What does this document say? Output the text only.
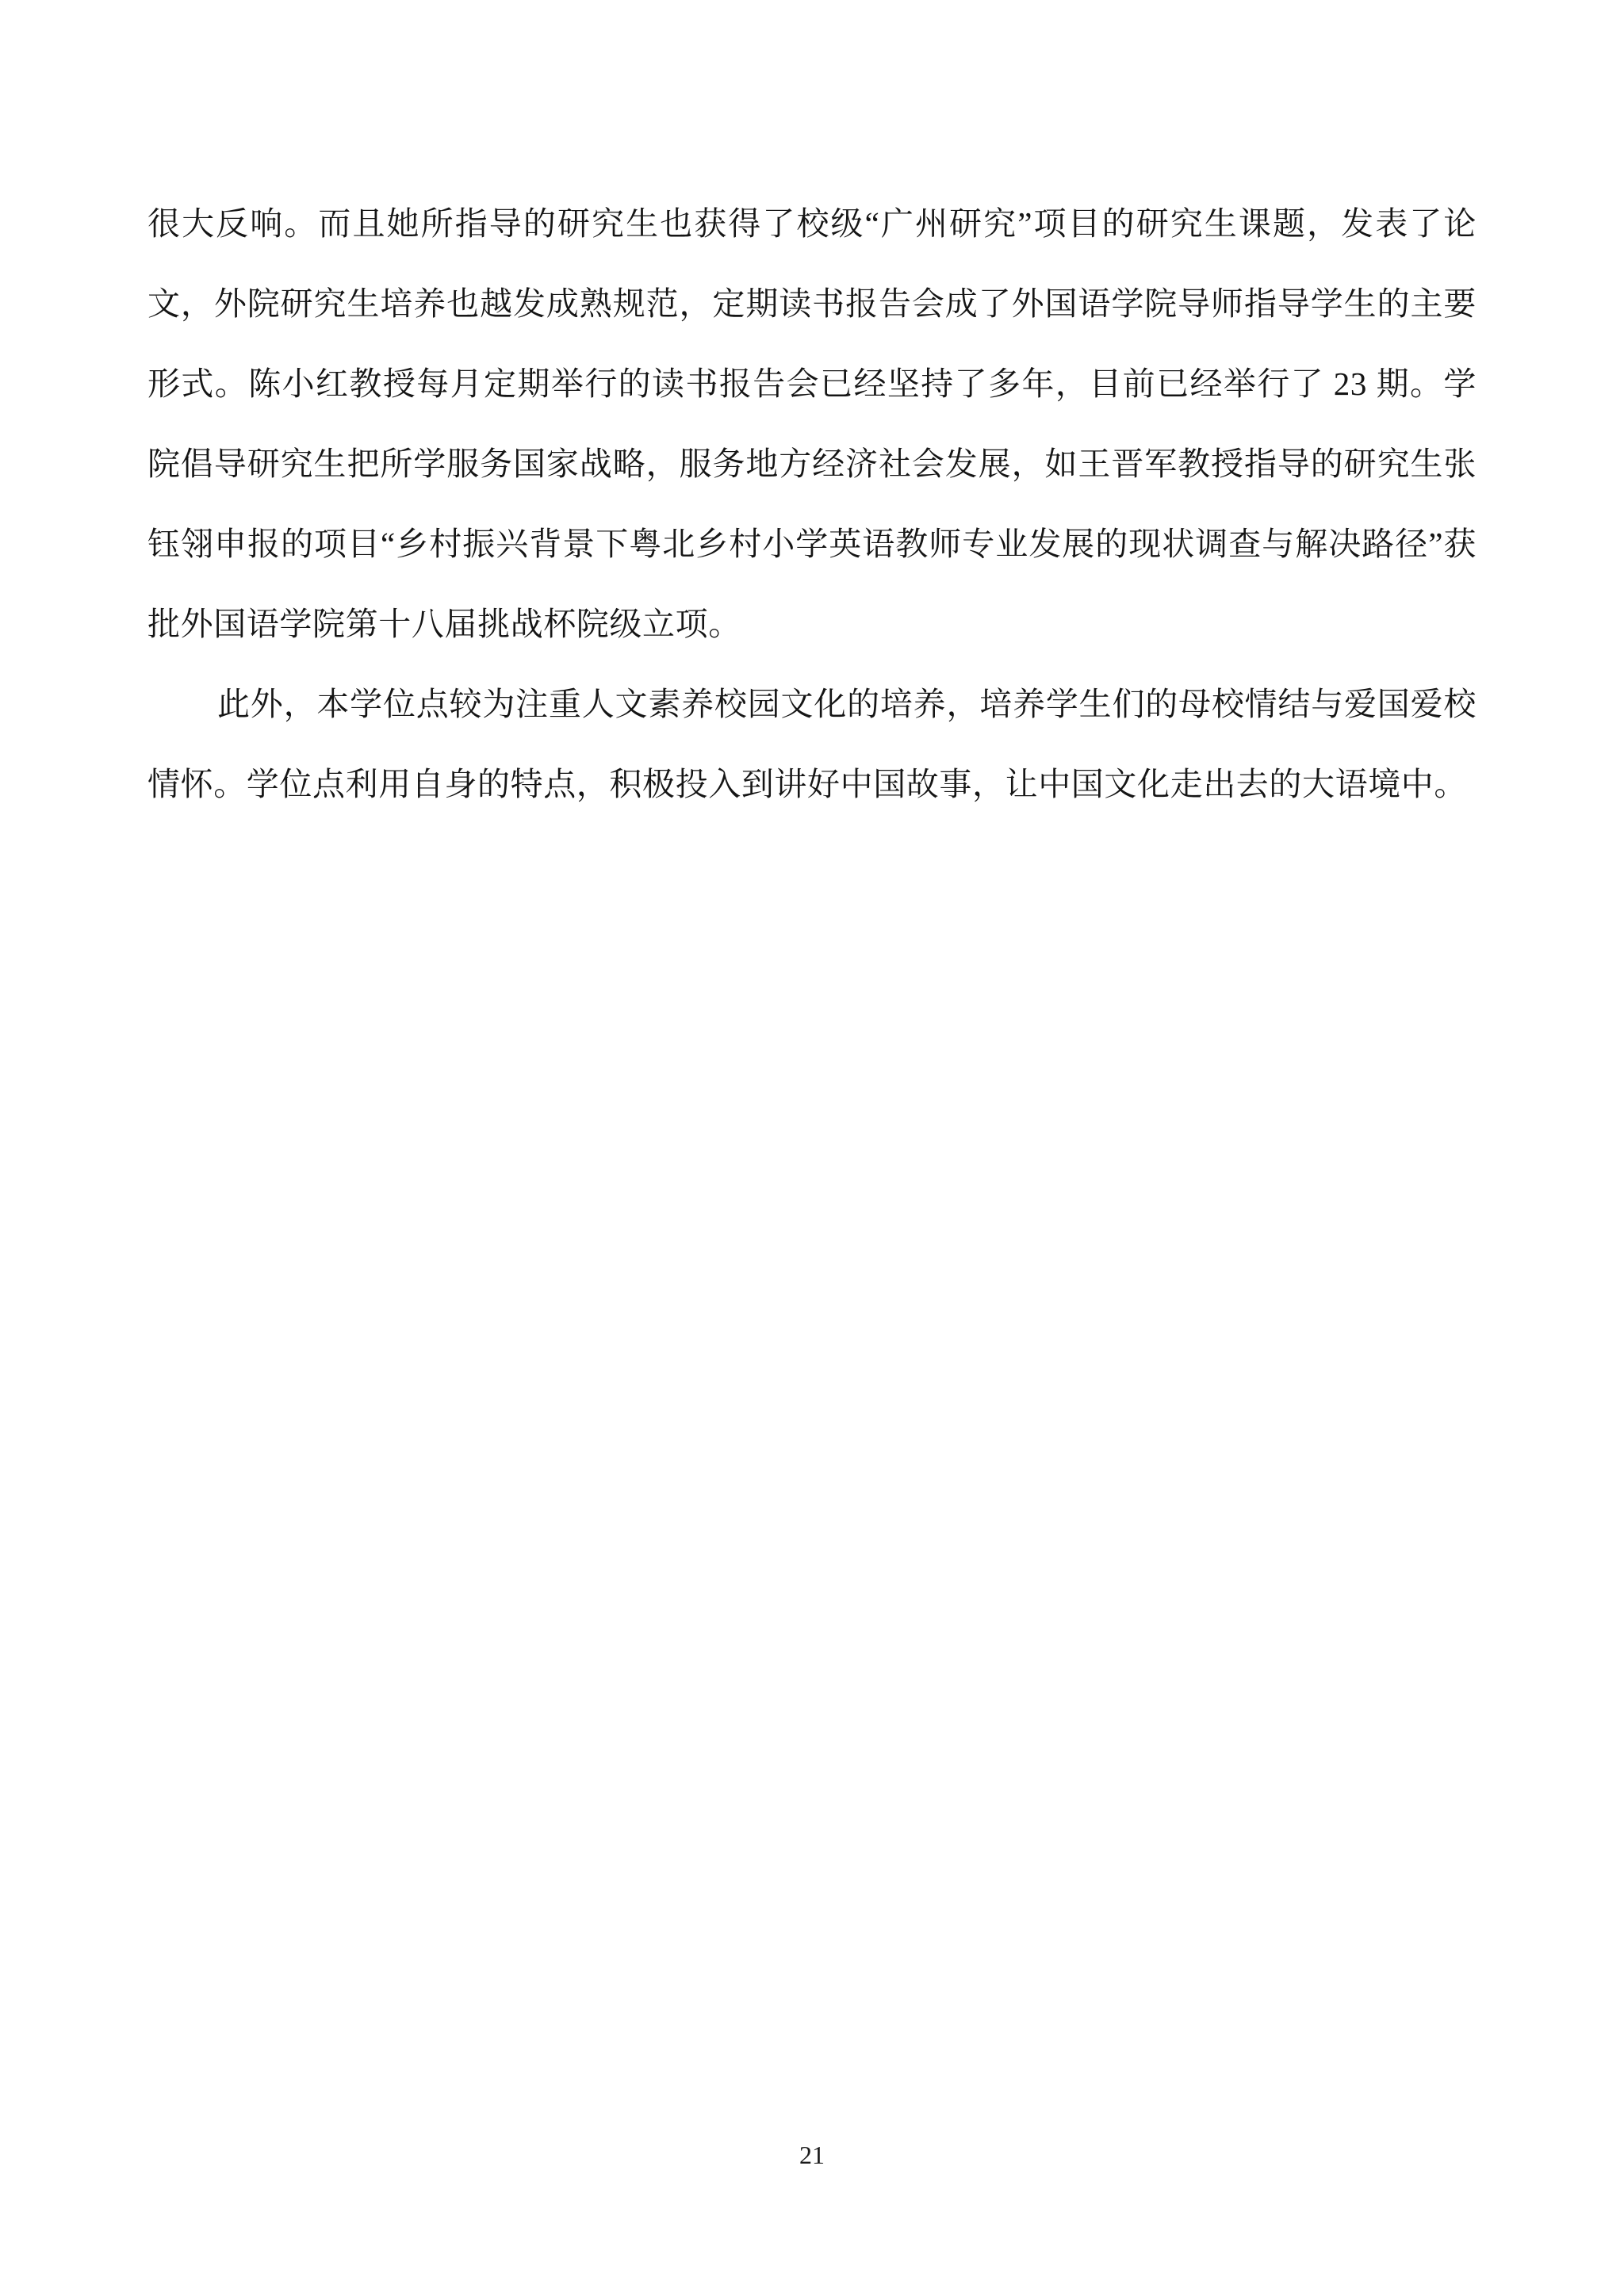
很大反响。而且她所指导的研究生也获得了校级“广州研究”项目的研究生课题，发表了论文，外院研究生培养也越发成熟规范，定期读书报告会成了外国语学院导师指导学生的主要形式。陈小红教授每月定期举行的读书报告会已经坚持了多年，目前已经举行了 23 期。学院倡导研究生把所学服务国家战略，服务地方经济社会发展，如王晋军教授指导的研究生张钰翎申报的项目“乡村振兴背景下粤北乡村小学英语教师专业发展的现状调查与解决路径”获批外国语学院第十八届挑战杯院级立项。

此外，本学位点较为注重人文素养校园文化的培养，培养学生们的母校情结与爱国爱校情怀。学位点利用自身的特点，积极投入到讲好中国故事，让中国文化走出去的大语境中。

21
